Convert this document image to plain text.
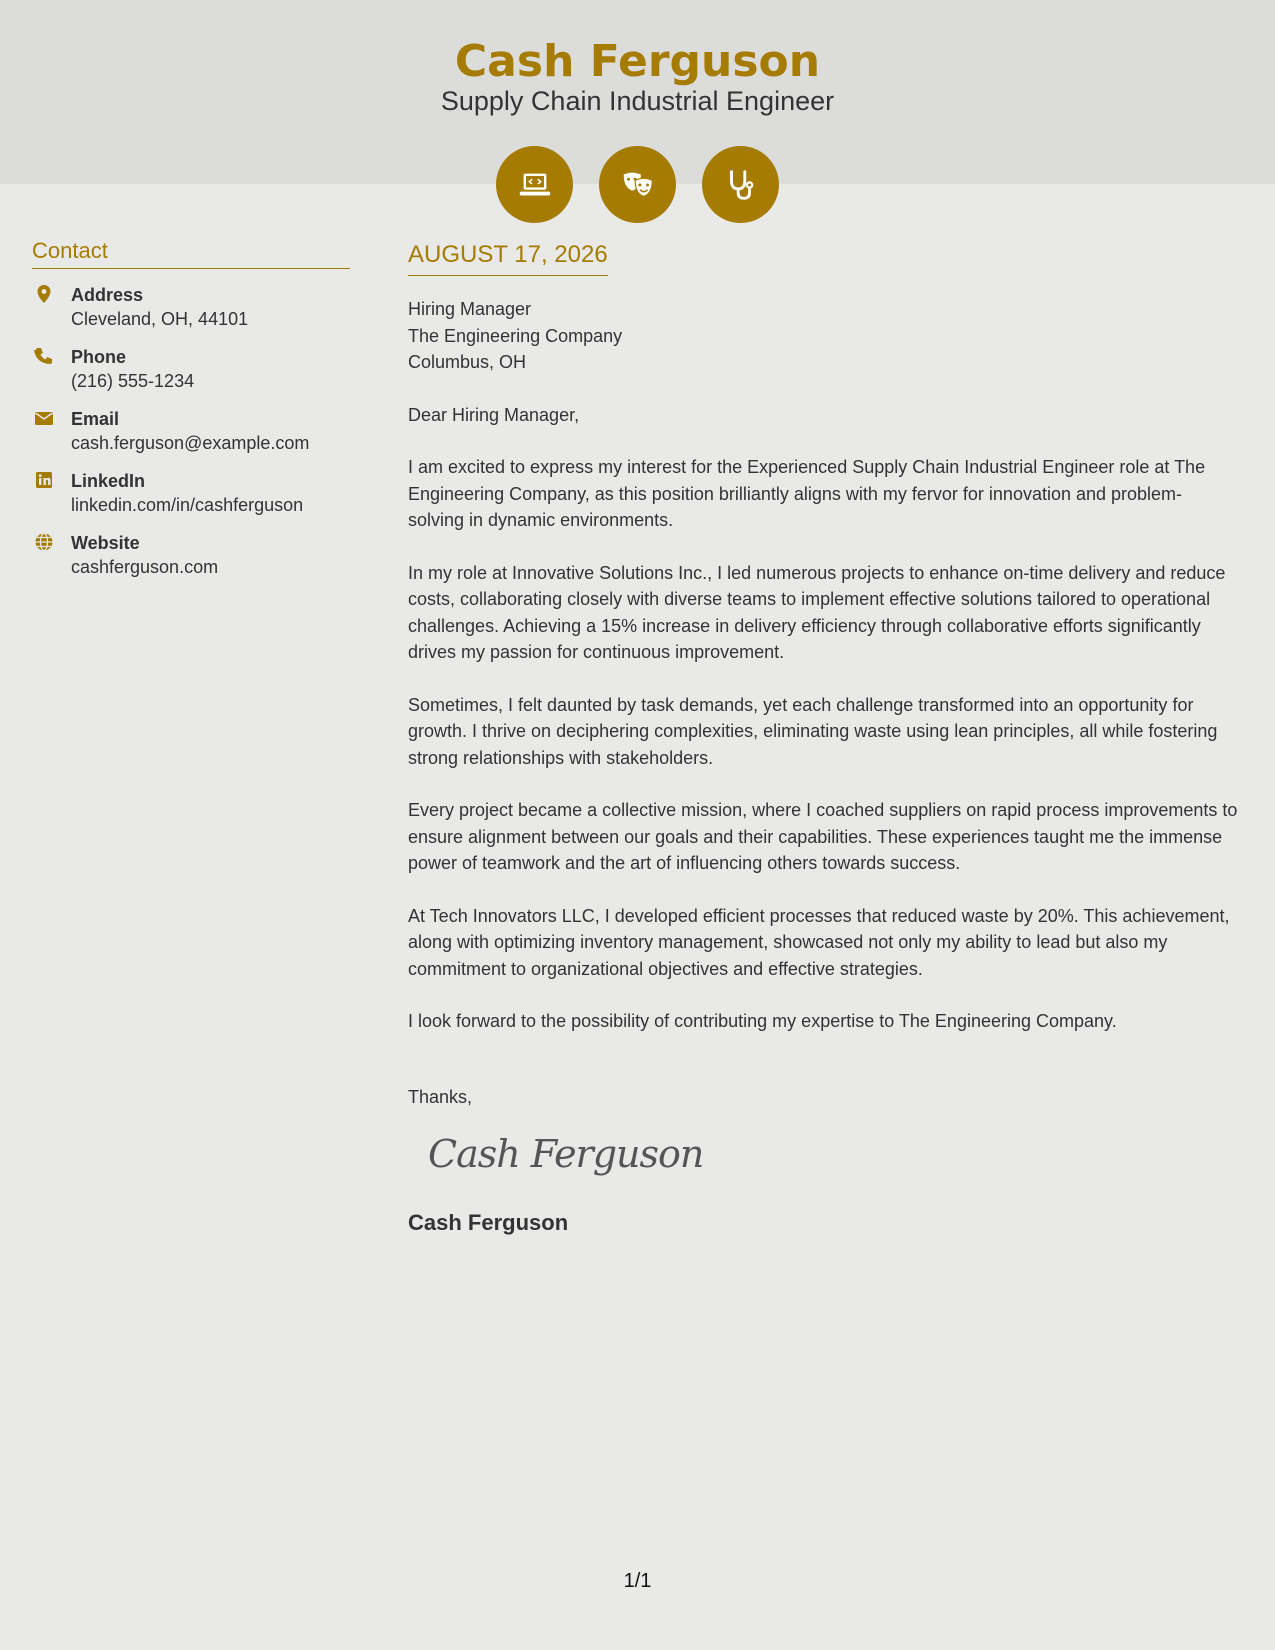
Cash Ferguson
Supply Chain Industrial Engineer
Contact
Address
Cleveland, OH, 44101
Phone
(216) 555-1234
Email
cash.ferguson@example.com
LinkedIn
linkedin.com/in/cashferguson
Website
cashferguson.com
AUGUST 17, 2026
Hiring Manager
The Engineering Company
Columbus, OH

Dear Hiring Manager,

I am excited to express my interest for the Experienced Supply Chain Industrial Engineer role at The Engineering Company, as this position brilliantly aligns with my fervor for innovation and problem-solving in dynamic environments.

In my role at Innovative Solutions Inc., I led numerous projects to enhance on-time delivery and reduce costs, collaborating closely with diverse teams to implement effective solutions tailored to operational challenges. Achieving a 15% increase in delivery efficiency through collaborative efforts significantly drives my passion for continuous improvement.

Sometimes, I felt daunted by task demands, yet each challenge transformed into an opportunity for growth. I thrive on deciphering complexities, eliminating waste using lean principles, all while fostering strong relationships with stakeholders.

Every project became a collective mission, where I coached suppliers on rapid process improvements to ensure alignment between our goals and their capabilities. These experiences taught me the immense power of teamwork and the art of influencing others towards success.

At Tech Innovators LLC, I developed efficient processes that reduced waste by 20%. This achievement, along with optimizing inventory management, showcased not only my ability to lead but also my commitment to organizational objectives and effective strategies.

I look forward to the possibility of contributing my expertise to The Engineering Company.

Thanks,
Cash Ferguson
Cash Ferguson
1/1
